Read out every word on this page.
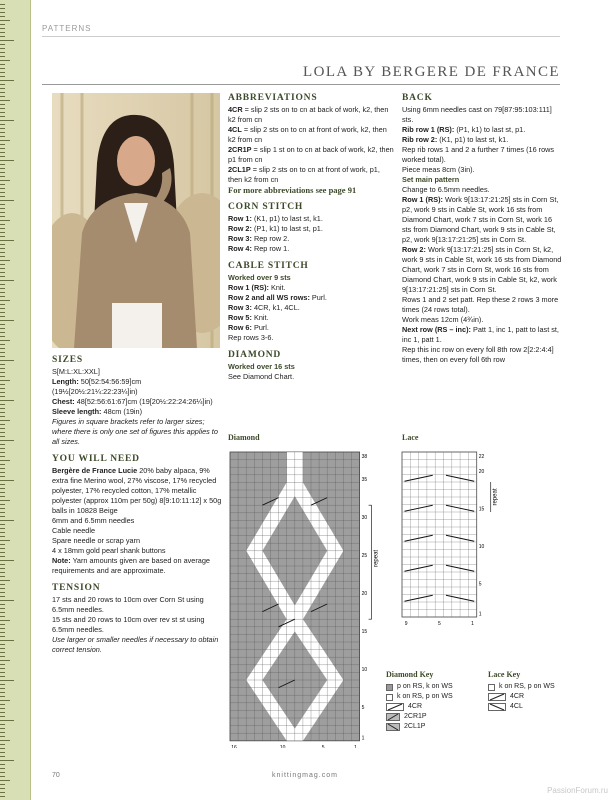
PATTERNS
LOLA BY BERGERE DE FRANCE

SIZES

S[M:L:XL:XXL]

Length: 50[52:54:56:59]cm (19½[20½:21¼:22:23¼]in)

Chest: 48[52:56:61:67]cm (19[20½:22:24:26¼]in)

Sleeve length: 48cm (19in)

Figures in square brackets refer to larger sizes; where there is only one set of figures this applies to all sizes.

YOU WILL NEED

Bergère de France Lucie 20% baby alpaca, 9% extra fine Merino wool, 27% viscose, 17% recycled polyester, 17% recycled cotton, 17% metallic polyester (approx 110m per 50g) 8[9:10:11:12] x 50g balls in 10828 Beige

6mm and 6.5mm needles

Cable needle

Spare needle or scrap yarn

4 x 18mm gold pearl shank buttons

Note: Yarn amounts given are based on average requirements and are approximate.

TENSION

17 sts and 20 rows to 10cm over Corn St using 6.5mm needles.

15 sts and 20 rows to 10cm over rev st st using 6.5mm needles.

Use larger or smaller needles if necessary to obtain correct tension.

ABBREVIATIONS

4CR = slip 2 sts on to cn at back of work, k2, then k2 from cn

4CL = slip 2 sts on to cn at front of work, k2, then k2 from cn

2CR1P = slip 1 st on to cn at back of work, k2, then p1 from cn

2CL1P = slip 2 sts on to cn at front of work, p1, then k2 from cn

For more abbreviations see page 91

CORN STITCH

Row 1: (K1, p1) to last st, k1.

Row 2: (P1, k1) to last st, p1.

Row 3: Rep row 2.

Row 4: Rep row 1.

CABLE STITCH

Worked over 9 sts

Row 1 (RS): Knit.

Row 2 and all WS rows: Purl.

Row 3: 4CR, k1, 4CL.

Row 5: Knit.

Row 6: Purl.

Rep rows 3-6.

DIAMOND

Worked over 16 sts

See Diamond Chart.

BACK

Using 6mm needles cast on 79[87:95:103:111] sts.

Rib row 1 (RS): (P1, k1) to last st, p1.

Rib row 2: (K1, p1) to last st, k1.

Rep rib rows 1 and 2 a further 7 times (16 rows worked total).

Piece meas 8cm (3in).

Set main pattern

Change to 6.5mm needles.

Row 1 (RS): Work 9[13:17:21:25] sts in Corn St, p2, work 9 sts in Cable St, work 16 sts from Diamond Chart, work 7 sts in Corn St, work 16 sts from Diamond Chart, work 9 sts in Cable St, p2, work 9[13:17:21:25] sts in Corn St.

Row 2: Work 9[13:17:21:25] sts in Corn St, k2, work 9 sts in Cable St, work 16 sts from Diamond Chart, work 7 sts in Corn St, work 16 sts from Diamond Chart, work 9 sts in Cable St, k2, work 9[13:17:21:25] sts in Corn St.

Rows 1 and 2 set patt. Rep these 2 rows 3 more times (24 rows total).

Work meas 12cm (4¾in).

Next row (RS – inc): Patt 1, inc 1, patt to last st, inc 1, patt 1.

Rep this inc row on every foll 8th row 2[2:2:4:4] times, then on every foll 6th row

Diamond	Lace
repeat
38
35
30
25
20
15
10
5
1
16	10	5	1
repeat
22
20
15
10
5
1
9	5	1
Diamond Key
p on RS, k on WS
k on RS, p on WS
4CR
2CR1P
2CL1P
Lace Key
k on RS, p on WS
4CR
4CL
70	knittingmag.com
PassionForum.ru
